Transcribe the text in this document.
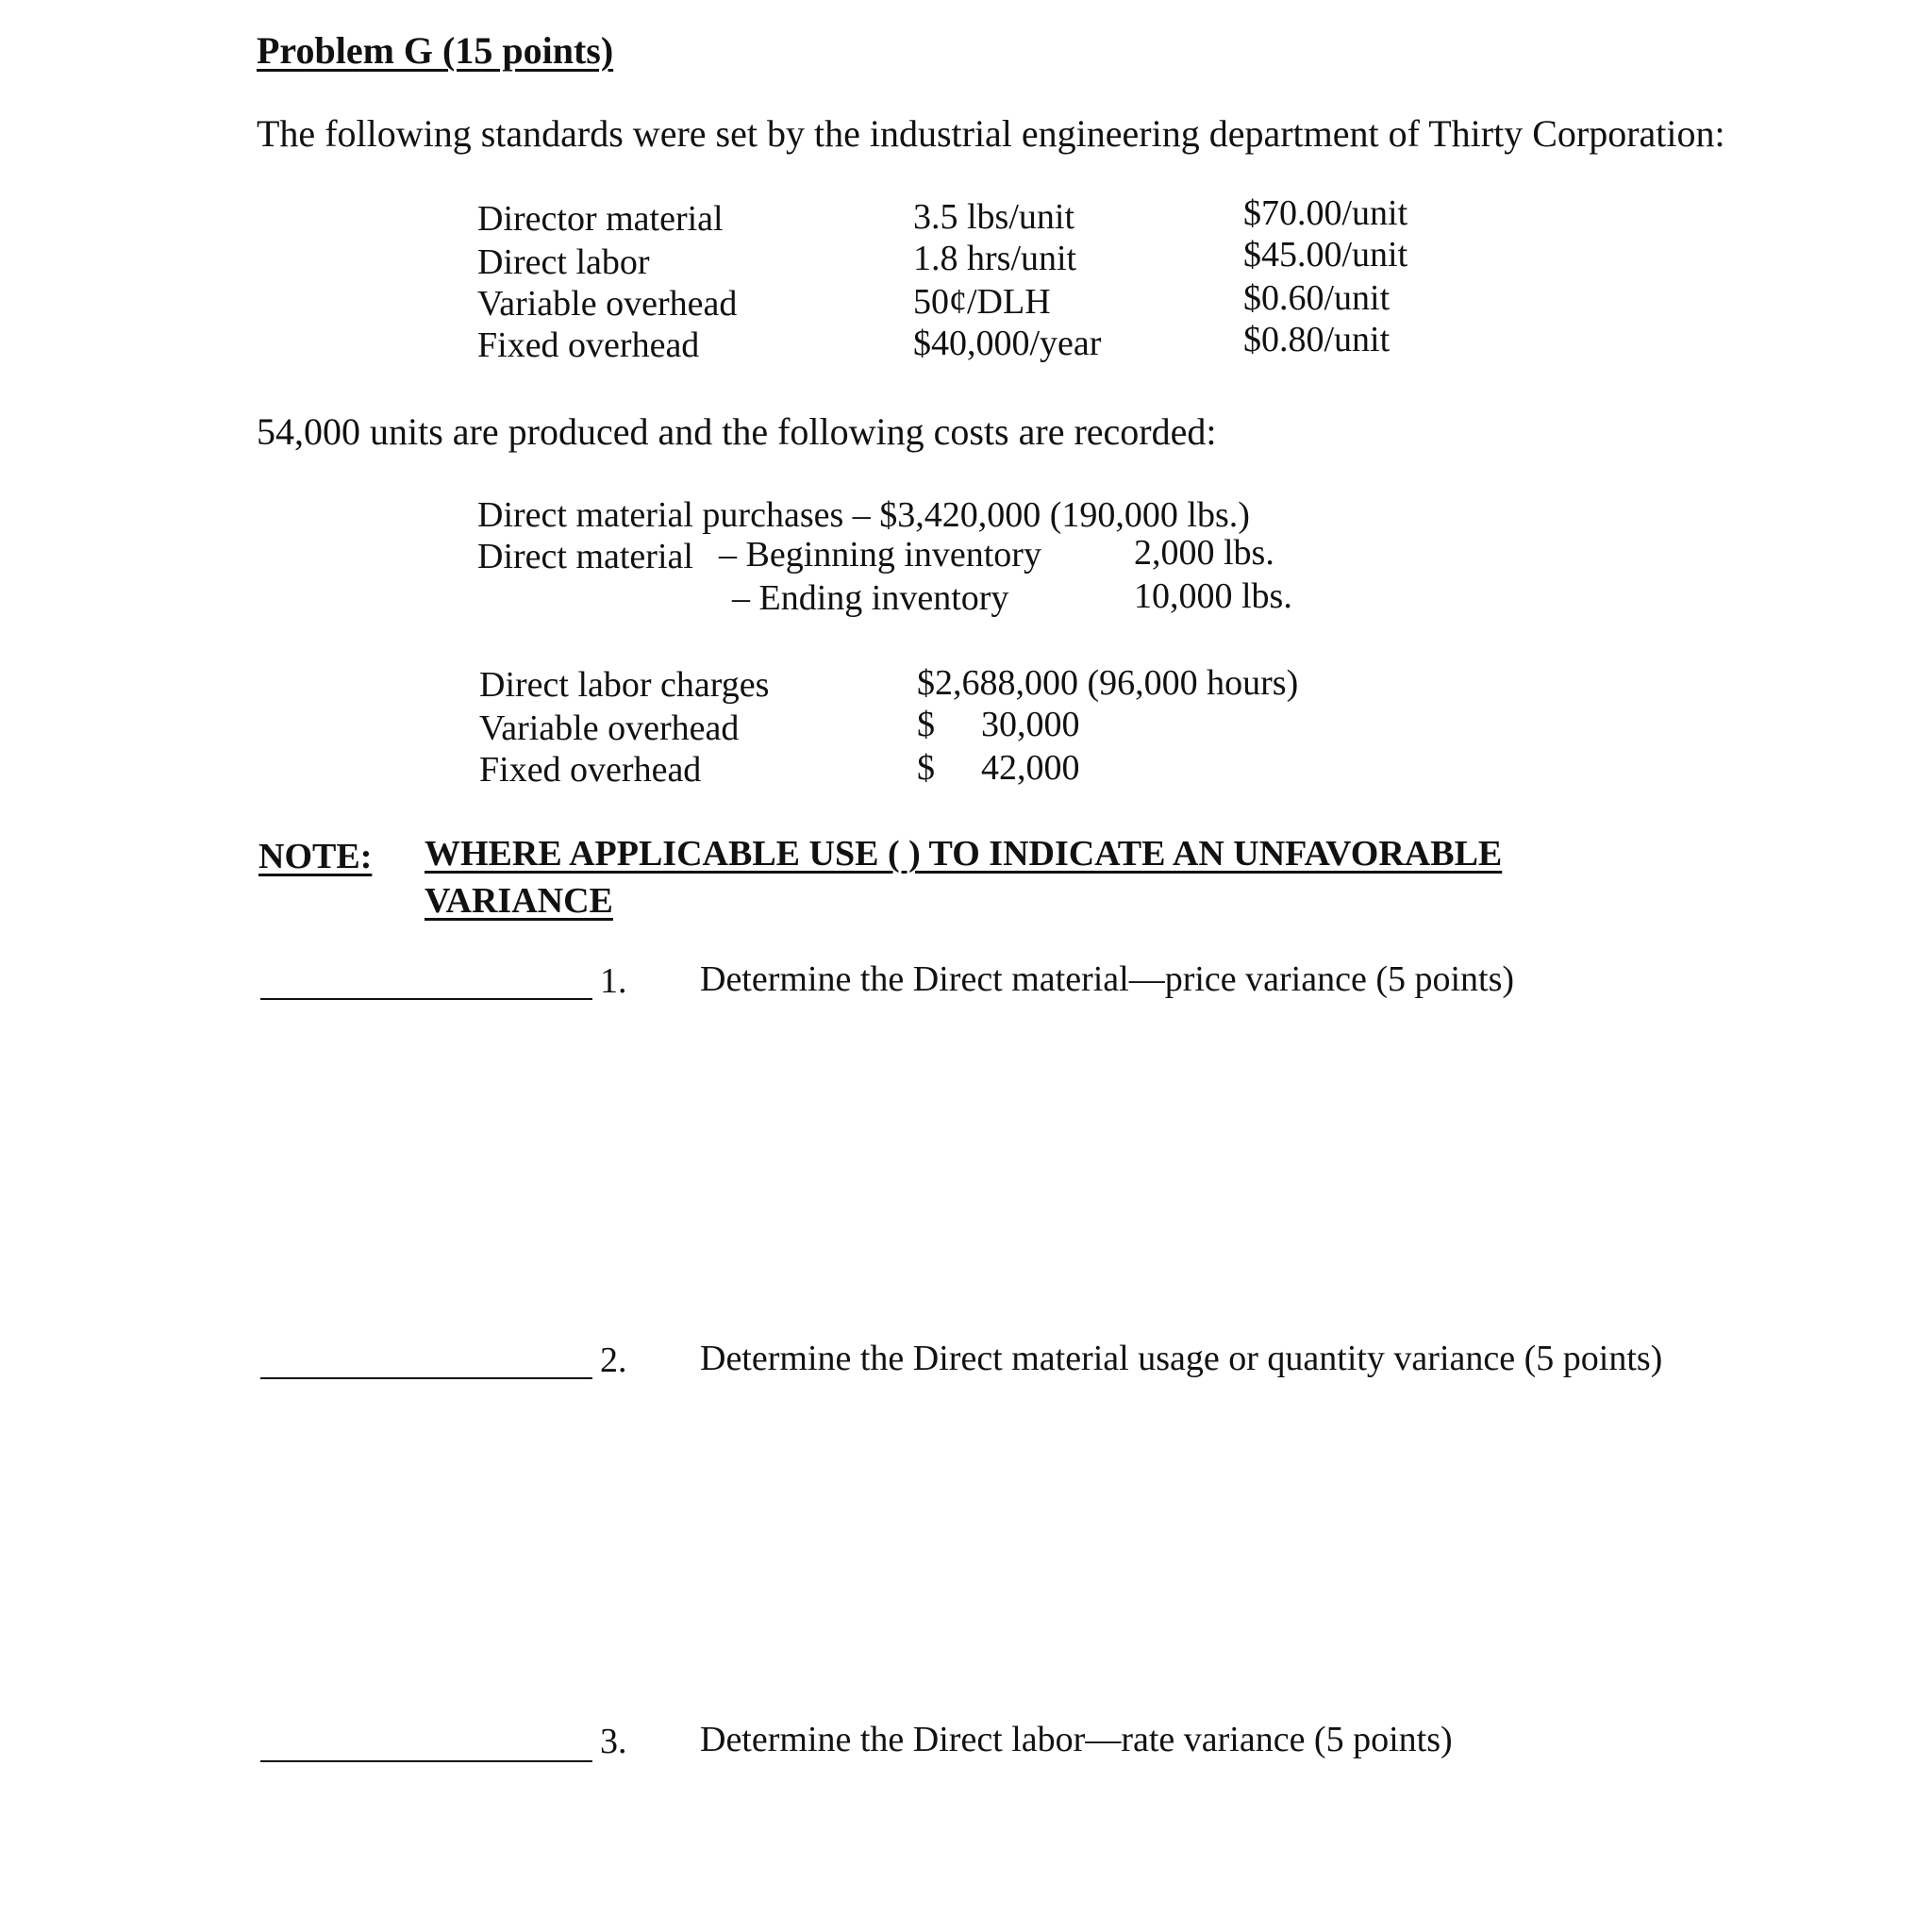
Problem G (15 points)
The following standards were set by the industrial engineering department of Thirty Corporation:
Director material	3.5 lbs/unit	$70.00/unit
Direct labor	1.8 hrs/unit	$45.00/unit
Variable overhead	50¢/DLH	$0.60/unit
Fixed overhead	$40,000/year	$0.80/unit
54,000 units are produced and the following costs are recorded:
Direct material purchases – $3,420,000 (190,000 lbs.)
Direct material – Beginning inventory	2,000 lbs.
– Ending inventory	10,000 lbs.
Direct labor charges	$2,688,000 (96,000 hours)
Variable overhead	$ 30,000
Fixed overhead	$ 42,000
NOTE: WHERE APPLICABLE USE ( ) TO INDICATE AN UNFAVORABLE VARIANCE
1. Determine the Direct material—price variance (5 points)
2. Determine the Direct material usage or quantity variance (5 points)
3. Determine the Direct labor—rate variance (5 points)
